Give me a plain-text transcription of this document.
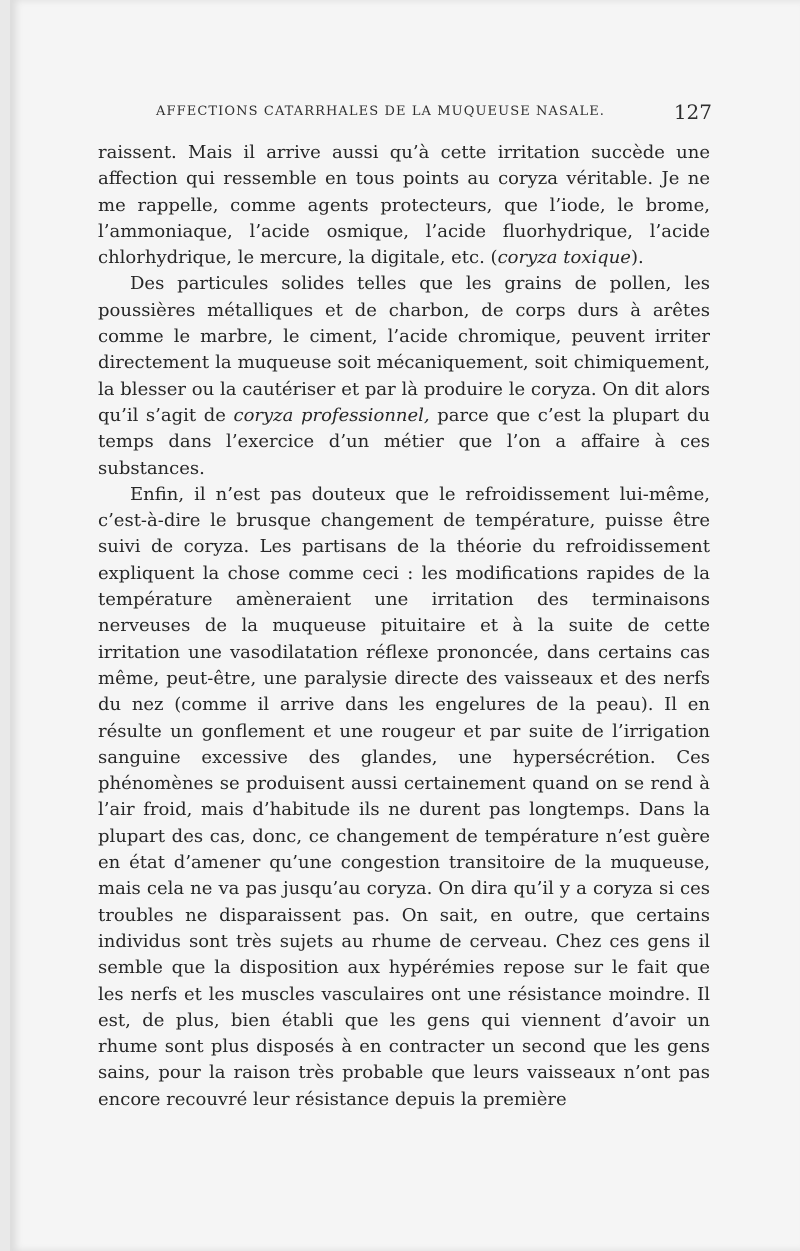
AFFECTIONS CATARRHALES DE LA MUQUEUSE NASALE.	127

raissent. Mais il arrive aussi qu’à cette irritation succède une affection qui ressemble en tous points au coryza véritable. Je ne me rappelle, comme agents protecteurs, que l’iode, le brome, l’ammoniaque, l’acide osmique, l’acide fluorhydrique, l’acide chlorhydrique, le mercure, la digitale, etc. (coryza toxique).

Des particules solides telles que les grains de pollen, les poussières métalliques et de charbon, de corps durs à arêtes comme le marbre, le ciment, l’acide chromique, peuvent irriter directement la muqueuse soit mécaniquement, soit chimiquement, la blesser ou la cautériser et par là produire le coryza. On dit alors qu’il s’agit de coryza professionnel, parce que c’est la plupart du temps dans l’exercice d’un métier que l’on a affaire à ces substances.

Enfin, il n’est pas douteux que le refroidissement lui-même, c’est-à-dire le brusque changement de température, puisse être suivi de coryza. Les partisans de la théorie du refroidissement expliquent la chose comme ceci : les modifications rapides de la température amèneraient une irritation des terminaisons nerveuses de la muqueuse pituitaire et à la suite de cette irritation une vasodilatation réflexe prononcée, dans certains cas même, peut-être, une paralysie directe des vaisseaux et des nerfs du nez (comme il arrive dans les engelures de la peau). Il en résulte un gonflement et une rougeur et par suite de l’irrigation sanguine excessive des glandes, une hypersécrétion. Ces phénomènes se produisent aussi certainement quand on se rend à l’air froid, mais d’habitude ils ne durent pas longtemps. Dans la plupart des cas, donc, ce changement de température n’est guère en état d’amener qu’une congestion transitoire de la muqueuse, mais cela ne va pas jusqu’au coryza. On dira qu’il y a coryza si ces troubles ne disparaissent pas. On sait, en outre, que certains individus sont très sujets au rhume de cerveau. Chez ces gens il semble que la disposition aux hypérémies repose sur le fait que les nerfs et les muscles vasculaires ont une résistance moindre. Il est, de plus, bien établi que les gens qui viennent d’avoir un rhume sont plus disposés à en contracter un second que les gens sains, pour la raison très probable que leurs vaisseaux n’ont pas encore recouvré leur résistance depuis la première
